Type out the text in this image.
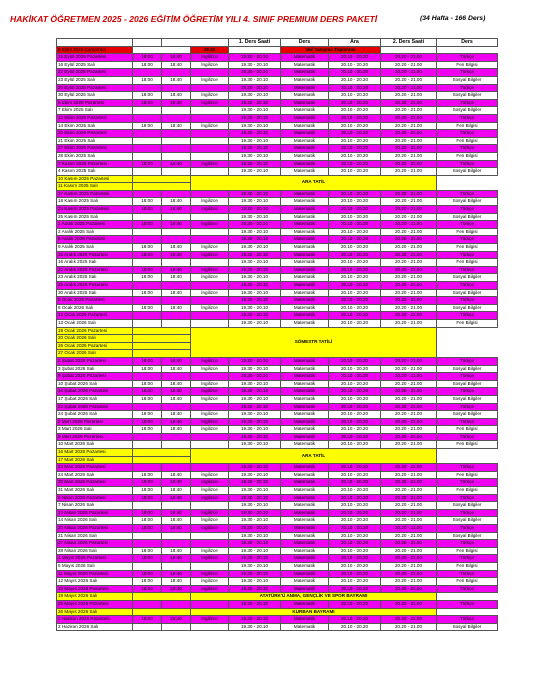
HAKİKAT ÖĞRETMEN 2025 - 2026 EĞİTİM ÖĞRETİM YILI 4. SINIF PREMIUM DERS PAKETİ	(34 Hafta - 166 Ders)
				1. Ders Saati	Ders	Ara	2. Ders Saati	Ders
9 Eylül 2025 Çarşamba			19.30		Veli Tanışma Toplantısı			
15 Eylül 2025 Pazartesi	18:00	18:40	İngilizce	19.30 - 20.10	Matematik	20.10 - 20.20	20.20 - 21.00	Türkçe
16 Eylül 2025 Salı	18:00	18:40	İngilizce	19.30 - 20.10	Matematik	20.10 - 20.20	20.20 - 21.00	Fen Bilgisi
22 Eylül 2025 Pazartesi				19.30 - 20.10	Matematik	20.10 - 20.20	20.20 - 21.00	Türkçe
23 Eylül 2025 Salı	18:00	18:40	İngilizce	19.30 - 20.10	Matematik	20.10 - 20.20	20.20 - 21.00	Sosyal Bilgiler
29 Eylül 2025 Pazartesi				19.30 - 20.10	Matematik	20.10 - 20.20	20.20 - 21.00	Türkçe
30 Eylül 2025 Salı	18:00	18:40	İngilizce	19.30 - 20.10	Matematik	20.10 - 20.20	20.20 - 21.00	Sosyal Bilgiler
6 Ekim 2025 Pazartesi	18:00	18:40	İngilizce	19.30 - 20.10	Matematik	20.10 - 20.20	20.20 - 21.00	Türkçe
7 Ekim 2025 Salı				19.30 - 20.10	Matematik	20.10 - 20.20	20.20 - 21.00	Sosyal Bilgiler
13 Ekim 2025 Pazartesi				19.30 - 20.10	Matematik	20.10 - 20.20	20.20 - 21.00	Türkçe
14 Ekim 2025 Salı	18:00	18:40	İngilizce	19.30 - 20.10	Matematik	20.10 - 20.20	20.20 - 21.00	Fen Bilgisi
20 Ekim 2025 Pazartesi				19.30 - 20.10	Matematik	20.10 - 20.20	20.20 - 21.00	Türkçe
21 Ekim 2025 Salı				19.30 - 20.10	Matematik	20.10 - 20.20	20.20 - 21.00	Fen Bilgisi
27 Ekim 2025 Pazartesi				19.30 - 20.10	Matematik	20.10 - 20.20	20.20 - 21.00	Türkçe
28 Ekim 2025 Salı				19.30 - 20.10	Matematik	20.10 - 20.20	20.20 - 21.00	Fen Bilgisi
3 Kasım 2025 Pazartesi	18:00	18:40	İngilizce	19.30 - 20.10	Matematik	20.10 - 20.20	20.20 - 21.00	Türkçe
4 Kasım 2025 Salı				19.30 - 20.10	Matematik	20.10 - 20.20	20.20 - 21.00	Sosyal Bilgiler
10 Kasım 2025 Pazartesi			ARA TATİL					
11 Kasım 2025 Salı								
17 Kasım 2025 Pazartesi				19.30 - 20.10	Matematik	20.10 - 20.20	20.20 - 21.00	Türkçe
18 Kasım 2025 Salı	18:00	18:40	İngilizce	19.30 - 20.10	Matematik	20.10 - 20.20	20.20 - 21.00	Sosyal Bilgiler
24 Kasım 2025 Pazartesi	18:00	18:40	İngilizce	19.30 - 20.10	Matematik	20.10 - 20.20	20.20 - 21.00	Türkçe
25 Kasım 2025 Salı				19.30 - 20.10	Matematik	20.10 - 20.20	20.20 - 21.00	Sosyal Bilgiler
1 Aralık 2025 Pazartesi	18:00	18:40	İngilizce	19.30 - 20.10	Matematik	20.10 - 20.20	20.20 - 21.00	Türkçe
2 Aralık 2025 Salı				19.30 - 20.10	Matematik	20.10 - 20.20	20.20 - 21.00	Fen Bilgisi
8 Aralık 2025 Pazartesi				19.30 - 20.10	Matematik	20.10 - 20.20	20.20 - 21.00	Türkçe
9 Aralık 2025 Salı	18:00	18:40	İngilizce	19.30 - 20.10	Matematik	20.10 - 20.20	20.20 - 21.00	Fen Bilgisi
15 Aralık 2025 Pazartesi	18:00	18:40	İngilizce	19.30 - 20.10	Matematik	20.10 - 20.20	20.20 - 21.00	Türkçe
16 Aralık 2025 Salı				19.30 - 20.10	Matematik	20.10 - 20.20	20.20 - 21.00	Fen Bilgisi
22 Aralık 2025 Pazartesi	18:00	18:40	İngilizce	19.30 - 20.10	Matematik	20.10 - 20.20	20.20 - 21.00	Türkçe
23 Aralık 2025 Salı	18:00	18:40	İngilizce	19.30 - 20.10	Matematik	20.10 - 20.20	20.20 - 21.00	Sosyal Bilgiler
29 Aralık 2025 Pazartesi				19.30 - 20.10	Matematik	20.10 - 20.20	20.20 - 21.00	Türkçe
30 Aralık 2025 Salı	18:00	18:40	İngilizce	19.30 - 20.10	Matematik	20.10 - 20.20	20.20 - 21.00	Sosyal Bilgiler
5 Ocak 2026 Pazartesi				19.30 - 20.10	Matematik	20.10 - 20.20	20.20 - 21.00	Türkçe
6 Ocak 2026 Salı	18:00	18:40	İngilizce	19.30 - 20.10	Matematik	20.10 - 20.20	20.20 - 21.00	Sosyal Bilgiler
12 Ocak 2026 Pazartesi				19.30 - 20.10	Matematik	20.10 - 20.20	20.20 - 21.00	Türkçe
13 Ocak 2026 Salı				19.30 - 20.10	Matematik	20.10 - 20.20	20.20 - 21.00	Fen Bilgisi
19 Ocak 2026 Pazartesi			SÖMESTR TATİLİ					
20 Ocak 2026 Salı								
26 Ocak 2026 Pazartesi								
27 Ocak 2026 Salı								
2 Şubat 2026 Pazartesi	18:00	18:40	İngilizce	19.30 - 20.10	Matematik	20.10 - 20.20	20.20 - 21.00	Türkçe
3 Şubat 2026 Salı	18:00	18:40	İngilizce	19.30 - 20.10	Matematik	20.10 - 20.20	20.20 - 21.00	Sosyal Bilgiler
9 Şubat 2026 Pazartesi				19.30 - 20.10	Matematik	20.10 - 20.20	20.20 - 21.00	Türkçe
10 Şubat 2026 Salı	18:00	18:40	İngilizce	19.30 - 20.10	Matematik	20.10 - 20.20	20.20 - 21.00	Sosyal Bilgiler
16 Şubat 2026 Pazartesi	18:00	18:40	İngilizce	19.30 - 20.10	Matematik	20.10 - 20.20	20.20 - 21.00	Türkçe
17 Şubat 2026 Salı	18:00	18:40	İngilizce	19.30 - 20.10	Matematik	20.10 - 20.20	20.20 - 21.00	Sosyal Bilgiler
23 Şubat 2026 Pazartesi				19.30 - 20.10	Matematik	20.10 - 20.20	20.20 - 21.00	Türkçe
24 Şubat 2026 Salı	18:00	18:40	İngilizce	19.30 - 20.10	Matematik	20.10 - 20.20	20.20 - 21.00	Sosyal Bilgiler
2 Mart 2026 Pazartesi	18:00	18:40	İngilizce	19.30 - 20.10	Matematik	20.10 - 20.20	20.20 - 21.00	Türkçe
3 Mart 2026 Salı	18:00	18:40	İngilizce	19.30 - 20.10	Matematik	20.10 - 20.20	20.20 - 21.00	Fen Bilgisi
9 Mart 2026 Pazartesi				19.30 - 20.10	Matematik	20.10 - 20.20	20.20 - 21.00	Türkçe
10 Mart 2026 Salı				19.30 - 20.10	Matematik	20.10 - 20.20	20.20 - 21.00	Fen Bilgisi
16 Mart 2026 Pazartesi			ARA TATİL					
17 Mart 2026 Salı								
23 Mart 2026 Pazartesi				19.30 - 20.10	Matematik	20.10 - 20.20	20.20 - 21.00	Türkçe
24 Mart 2026 Salı	18:00	18:40	İngilizce	19.30 - 20.10	Matematik	20.10 - 20.20	20.20 - 21.00	Fen Bilgisi
30 Mart 2026 Pazartesi	18:00	18:40	İngilizce	19.30 - 20.10	Matematik	20.10 - 20.20	20.20 - 21.00	Türkçe
31 Mart 2026 Salı	18:00	18:40	İngilizce	19.30 - 20.10	Matematik	20.10 - 20.20	20.20 - 21.00	Fen Bilgisi
6 Nisan 2026 Pazartesi	18:00	18:40	İngilizce	19.30 - 20.10	Matematik	20.10 - 20.20	20.20 - 21.00	Türkçe
7 Nisan 2026 Salı				19.30 - 20.10	Matematik	20.10 - 20.20	20.20 - 21.00	Sosyal Bilgiler
13 Nisan 2026 Pazartesi	18:00	18:40	İngilizce	19.30 - 20.10	Matematik	20.10 - 20.20	20.20 - 21.00	Türkçe
14 Nisan 2026 Salı	18:00	18:40	İngilizce	19.30 - 20.10	Matematik	20.10 - 20.20	20.20 - 21.00	Sosyal Bilgiler
20 Nisan 2026 Pazartesi	18:00	18:40	İngilizce	19.30 - 20.10	Matematik	20.10 - 20.20	20.20 - 21.00	Türkçe
21 Nisan 2026 Salı				19.30 - 20.10	Matematik	20.10 - 20.20	20.20 - 21.00	Sosyal Bilgiler
27 Nisan 2026 Pazartesi				19.30 - 20.10	Matematik	20.10 - 20.20	20.20 - 21.00	Türkçe
28 Nisan 2026 Salı	18:00	18:40	İngilizce	19.30 - 20.10	Matematik	20.10 - 20.20	20.20 - 21.00	Fen Bilgisi
4 Mayıs 2026 Pazartesi	18:00	18:40	İngilizce	19.30 - 20.10	Matematik	20.10 - 20.20	20.20 - 21.00	Türkçe
5 Mayıs 2026 Salı				19.30 - 20.10	Matematik	20.10 - 20.20	20.20 - 21.00	Fen Bilgisi
11 Mayıs 2026 Pazartesi	18:00	18:40	İngilizce	19.30 - 20.10	Matematik	20.10 - 20.20	20.20 - 21.00	Türkçe
12 Mayıs 2026 Salı	18:00	18:40	İngilizce	19.30 - 20.10	Matematik	20.10 - 20.20	20.20 - 21.00	Fen Bilgisi
18 Mayıs 2026 Pazartesi	18:00	18:40	İngilizce	19.30 - 20.10	Matematik	20.10 - 20.20	20.20 - 21.00	Türkçe
19 Mayıs 2026 Salı			ATATÜRK'Ü ANMA, GENÇLİK VE SPOR BAYRAMI					
25 Mayıs 2026 Pazartesi				19.30 - 20.10	Matematik	20.10 - 20.20	20.20 - 21.00	Türkçe
26 Mayıs 2026 Salı			KURBAN BAYRAMI					
1 Haziran 2026 Pazartesi	18:00	18:40	İngilizce	19.30 - 20.10	Matematik	20.10 - 20.20	20.20 - 21.00	Türkçe
2 Haziran 2026 Salı				19.30 - 20.10	Matematik	20.10 - 20.20	20.20 - 21.00	Sosyal Bilgiler
